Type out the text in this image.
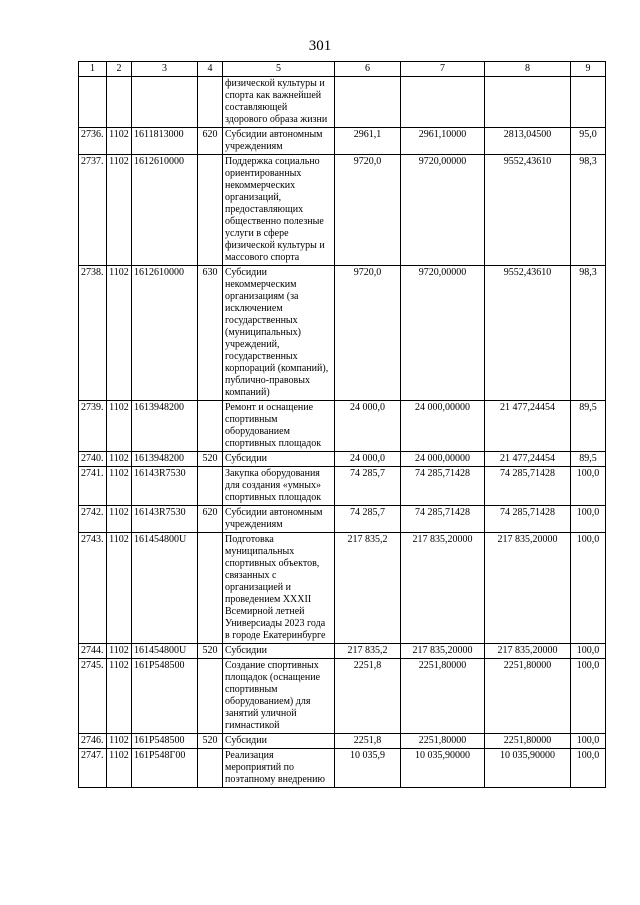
301
1	2	3	4	5	6	7	8	9
				физической культуры и спорта как важнейшей составляющей здорового образа жизни				
2736.	1102	1611813000	620	Субсидии автономным учреждениям	2961,1	2961,10000	2813,04500	95,0
2737.	1102	1612610000		Поддержка социально ориентированных некоммерческих организаций, предоставляющих общественно полезные услуги в сфере физической культуры и массового спорта	9720,0	9720,00000	9552,43610	98,3
2738.	1102	1612610000	630	Субсидии некоммерческим организациям (за исключением государственных (муниципальных) учреждений, государственных корпораций (компаний), публично-правовых компаний)	9720,0	9720,00000	9552,43610	98,3
2739.	1102	1613948200		Ремонт и оснащение спортивным оборудованием спортивных площадок	24 000,0	24 000,00000	21 477,24454	89,5
2740.	1102	1613948200	520	Субсидии	24 000,0	24 000,00000	21 477,24454	89,5
2741.	1102	16143R7530		Закупка оборудования для создания «умных» спортивных площадок	74 285,7	74 285,71428	74 285,71428	100,0
2742.	1102	16143R7530	620	Субсидии автономным учреждениям	74 285,7	74 285,71428	74 285,71428	100,0
2743.	1102	161454800U		Подготовка муниципальных спортивных объектов, связанных с организацией и проведением XXXII Всемирной летней Универсиады 2023 года в городе Екатеринбурге	217 835,2	217 835,20000	217 835,20000	100,0
2744.	1102	161454800U	520	Субсидии	217 835,2	217 835,20000	217 835,20000	100,0
2745.	1102	161P548500		Создание спортивных площадок (оснащение спортивным оборудованием) для занятий уличной гимнастикой	2251,8	2251,80000	2251,80000	100,0
2746.	1102	161P548500	520	Субсидии	2251,8	2251,80000	2251,80000	100,0
2747.	1102	161P548Г00		Реализация мероприятий по поэтапному внедрению	10 035,9	10 035,90000	10 035,90000	100,0
